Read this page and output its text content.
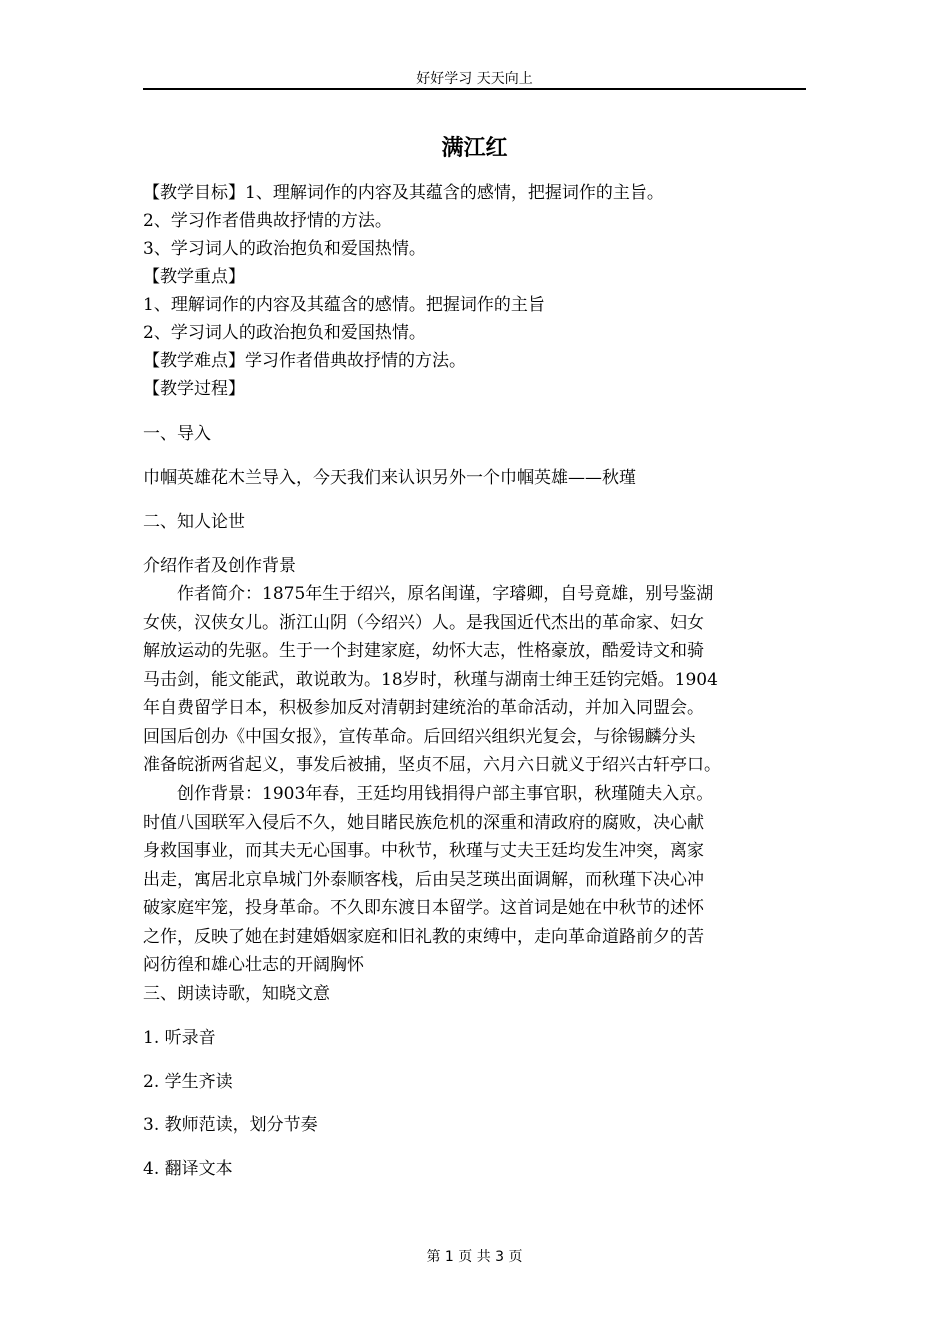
好好学习 天天向上
满江红

【教学目标】1、理解词作的内容及其蕴含的感情，把握词作的主旨。

2、学习作者借典故抒情的方法。

3、学习词人的政治抱负和爱国热情。

【教学重点】

1、理解词作的内容及其蕴含的感情。把握词作的主旨

2、学习词人的政治抱负和爱国热情。

【教学难点】学习作者借典故抒情的方法。

【教学过程】

一、导入
巾帼英雄花木兰导入，今天我们来认识另外一个巾帼英雄——秋瑾
二、知人论世
介绍作者及创作背景
　　作者简介：1875年生于绍兴，原名闺谨，字璿卿，自号竟雄，别号鉴湖
女侠，汉侠女儿。浙江山阴（今绍兴）人。是我国近代杰出的革命家、妇女
解放运动的先驱。生于一个封建家庭，幼怀大志，性格豪放，酷爱诗文和骑
马击剑，能文能武，敢说敢为。18岁时，秋瑾与湖南士绅王廷钧完婚。1904
年自费留学日本，积极参加反对清朝封建统治的革命活动，并加入同盟会。
回国后创办《中国女报》，宣传革命。后回绍兴组织光复会，与徐锡麟分头
准备皖浙两省起义，事发后被捕，坚贞不屈，六月六日就义于绍兴古轩亭口。
　　创作背景：1903年春，王廷均用钱捐得户部主事官职，秋瑾随夫入京。
时值八国联军入侵后不久，她目睹民族危机的深重和清政府的腐败，决心献
身救国事业，而其夫无心国事。中秋节，秋瑾与丈夫王廷均发生冲突，离家
出走，寓居北京阜城门外泰顺客栈，后由吴芝瑛出面调解，而秋瑾下决心冲
破家庭牢笼，投身革命。不久即东渡日本留学。这首词是她在中秋节的述怀
之作，反映了她在封建婚姻家庭和旧礼教的束缚中，走向革命道路前夕的苦
闷彷徨和雄心壮志的开阔胸怀
三、朗读诗歌，知晓文意
1. 听录音
2. 学生齐读
3. 教师范读，划分节奏
4. 翻译文本
第 1 页 共 3 页
